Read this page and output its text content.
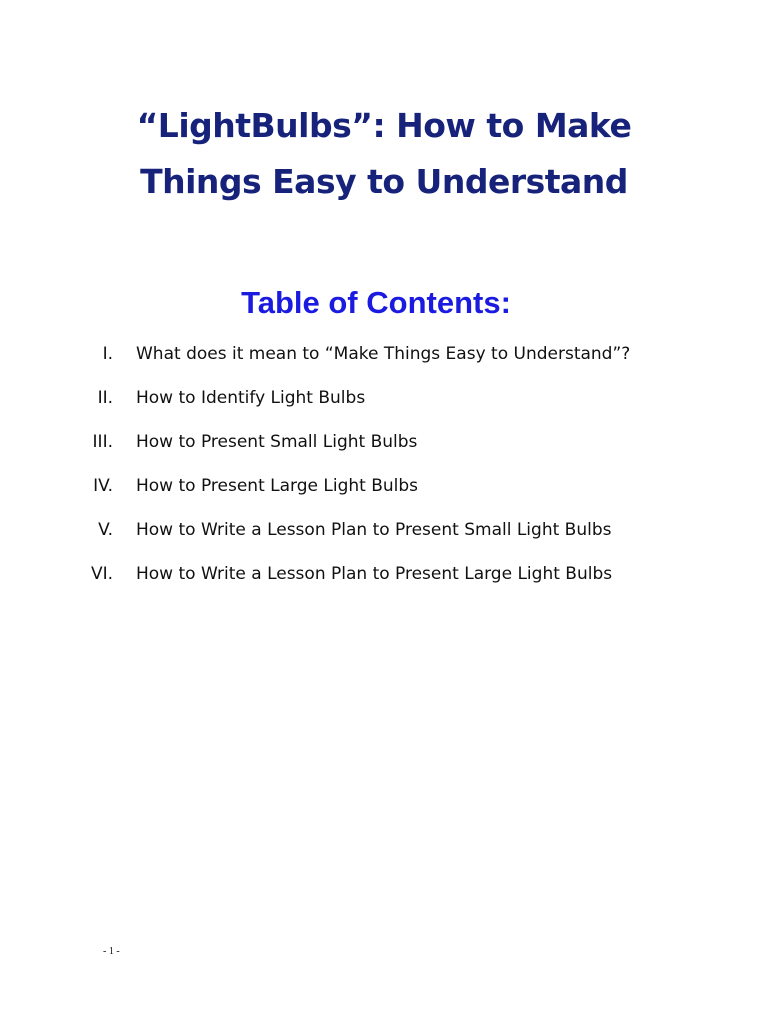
“LightBulbs”: How to Make
Things Easy to Understand
Table of Contents:
I. What does it mean to “Make Things Easy to Understand”?
II. How to Identify Light Bulbs
III. How to Present Small Light Bulbs
IV. How to Present Large Light Bulbs
V. How to Write a Lesson Plan to Present Small Light Bulbs
VI. How to Write a Lesson Plan to Present Large Light Bulbs
- 1 -
